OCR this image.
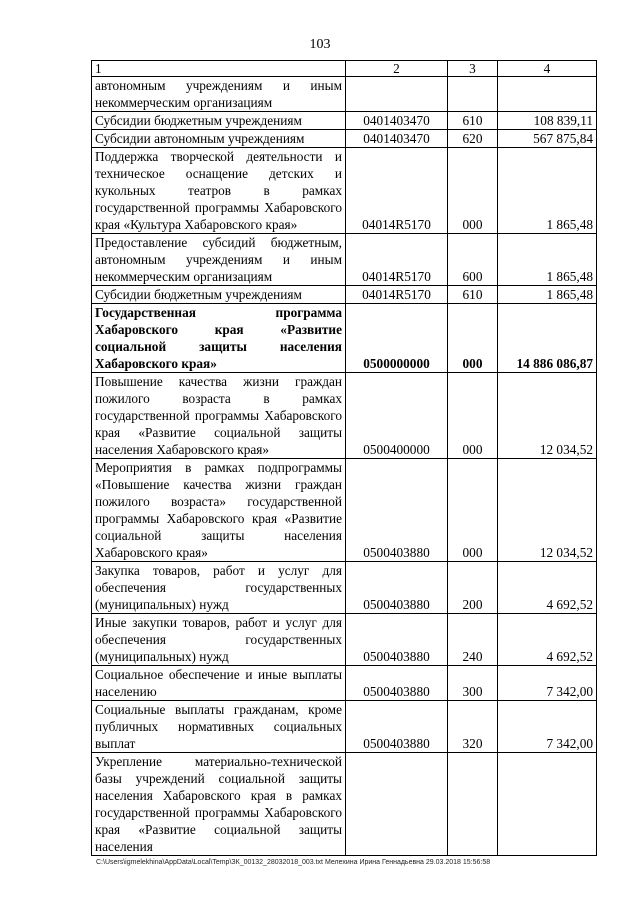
103
1	2	3	4
автономным учреждениям и иным некоммерческим организациям			
Субсидии бюджетным учреждениям	0401403470	610	108 839,11
Субсидии автономным учреждениям	0401403470	620	567 875,84
Поддержка творческой деятельности и техническое оснащение детских и кукольных театров в рамках государственной программы Хабаровского края «Культура Хабаровского края»	04014R5170	000	1 865,48
Предоставление субсидий бюджетным, автономным учреждениям и иным некоммерческим организациям	04014R5170	600	1 865,48
Субсидии бюджетным учреждениям	04014R5170	610	1 865,48
Государственная программа Хабаровского края «Развитие социальной защиты населения Хабаровского края»	0500000000	000	14 886 086,87
Повышение качества жизни граждан пожилого возраста в рамках государственной программы Хабаровского края «Развитие социальной защиты населения Хабаровского края»	0500400000	000	12 034,52
Мероприятия в рамках подпрограммы «Повышение качества жизни граждан пожилого возраста» государственной программы Хабаровского края «Развитие социальной защиты населения Хабаровского края»	0500403880	000	12 034,52
Закупка товаров, работ и услуг для обеспечения государственных (муниципальных) нужд	0500403880	200	4 692,52
Иные закупки товаров, работ и услуг для обеспечения государственных (муниципальных) нужд	0500403880	240	4 692,52
Социальное обеспечение и иные выплаты населению	0500403880	300	7 342,00
Социальные выплаты гражданам, кроме публичных нормативных социальных выплат	0500403880	320	7 342,00
Укрепление материально-технической базы учреждений социальной защиты населения Хабаровского края в рамках государственной программы Хабаровского края «Развитие социальной защиты населения			
C:\Users\igmelekhina\AppData\Local\Temp\ЗК_00132_28032018_003.txt Мелехина Ирина Геннадьевна 29.03.2018 15:56:58
